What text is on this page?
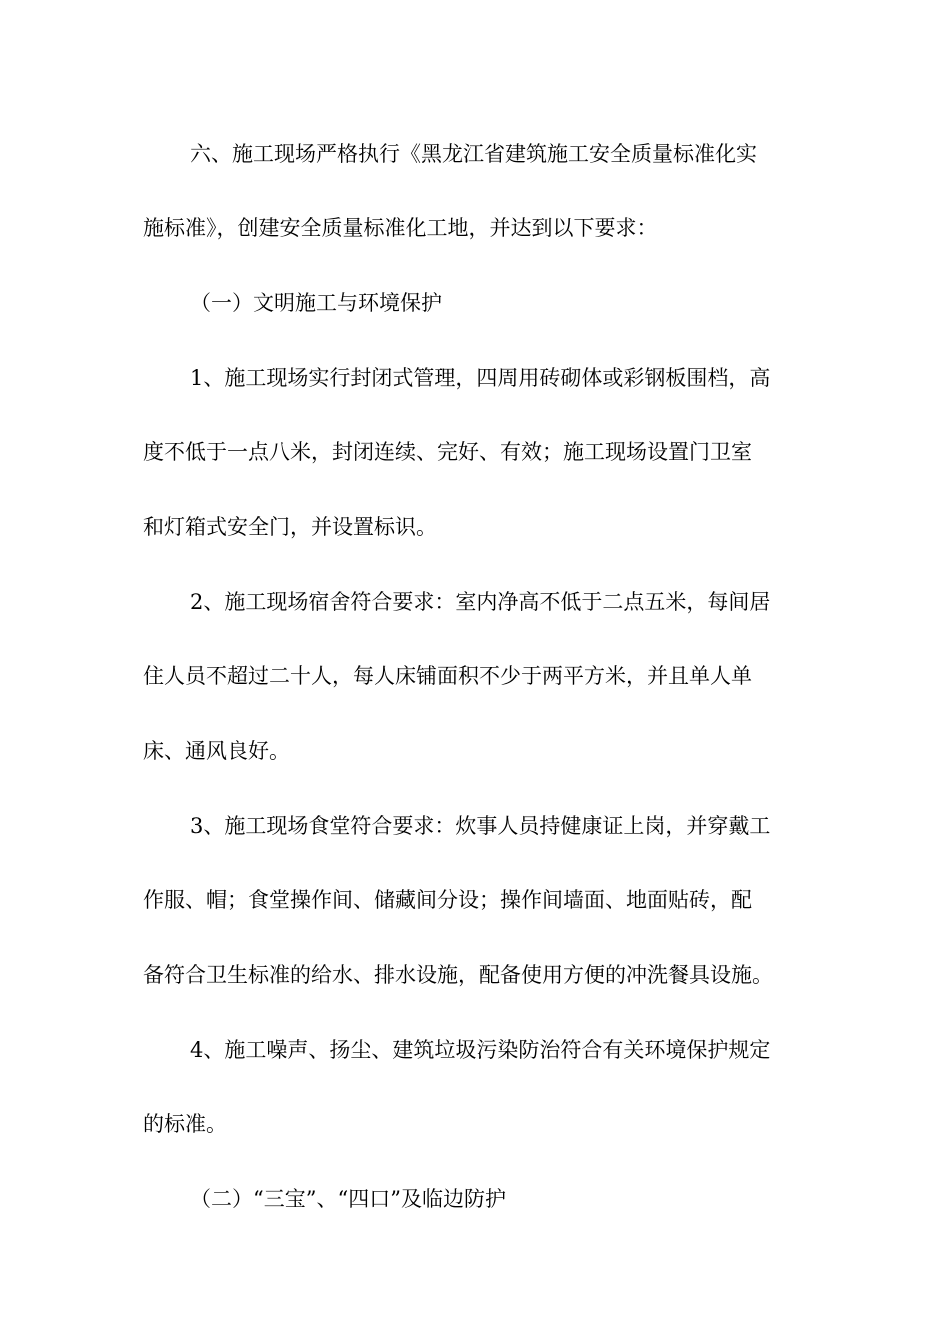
六、施工现场严格执行《黑龙江省建筑施工安全质量标准化实
施标准》，创建安全质量标准化工地，并达到以下要求：
（一）文明施工与环境保护
1、施工现场实行封闭式管理，四周用砖砌体或彩钢板围档，高
度不低于一点八米，封闭连续、完好、有效；施工现场设置门卫室
和灯箱式安全门，并设置标识。
2、施工现场宿舍符合要求：室内净高不低于二点五米，每间居
住人员不超过二十人，每人床铺面积不少于两平方米，并且单人单
床、通风良好。
3、施工现场食堂符合要求：炊事人员持健康证上岗，并穿戴工
作服、帽；食堂操作间、储藏间分设；操作间墙面、地面贴砖，配
备符合卫生标准的给水、排水设施，配备使用方便的冲洗餐具设施。
4、施工噪声、扬尘、建筑垃圾污染防治符合有关环境保护规定
的标准。
（二）“三宝”、“四口”及临边防护
